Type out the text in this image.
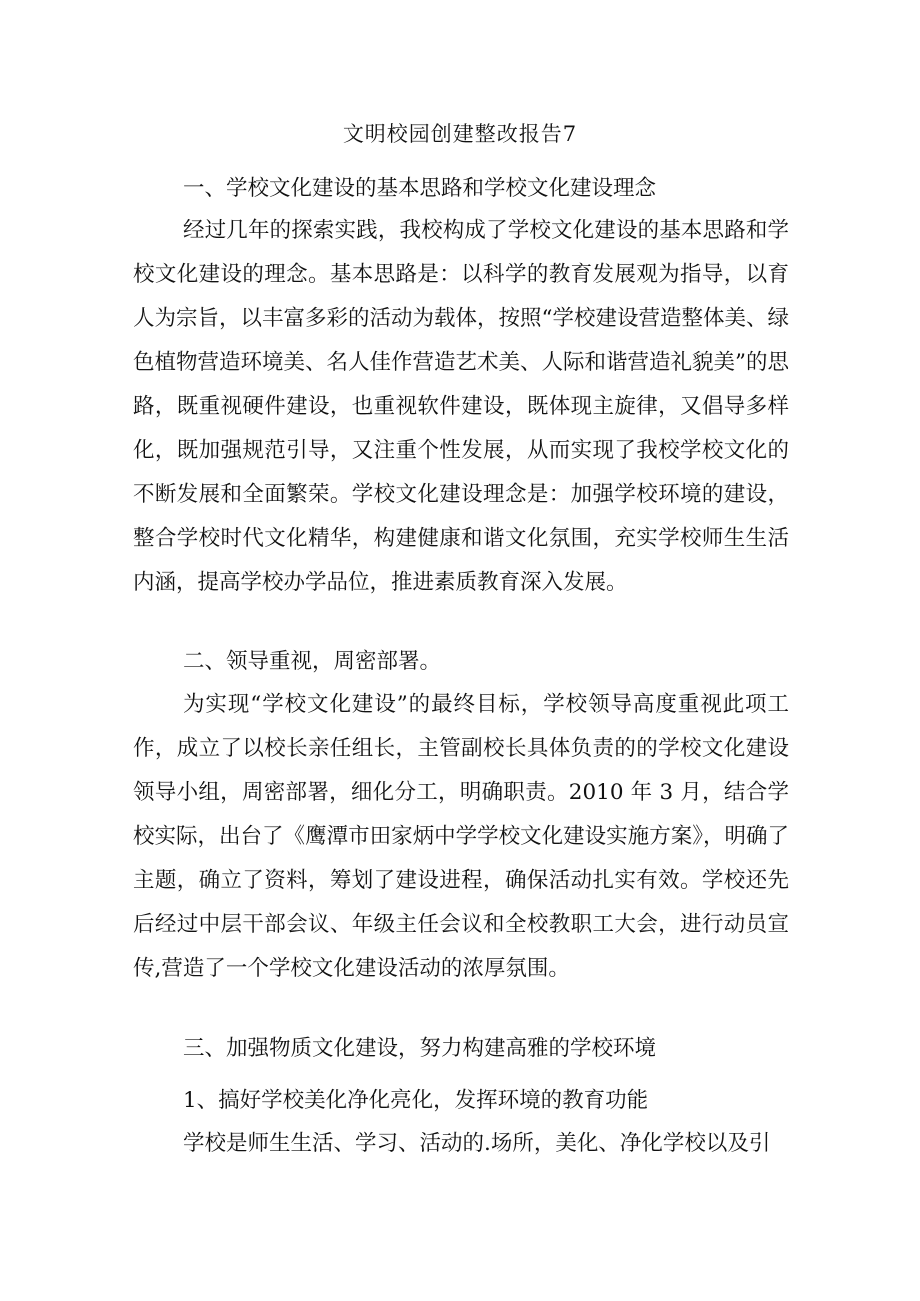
文明校园创建整改报告7
一、学校文化建设的基本思路和学校文化建设理念
经过几年的探索实践，我校构成了学校文化建设的基本思路和学校文化建设的理念。基本思路是：以科学的教育发展观为指导，以育人为宗旨，以丰富多彩的活动为载体，按照“学校建设营造整体美、绿色植物营造环境美、名人佳作营造艺术美、人际和谐营造礼貌美”的思路，既重视硬件建设，也重视软件建设，既体现主旋律，又倡导多样化，既加强规范引导，又注重个性发展，从而实现了我校学校文化的不断发展和全面繁荣。学校文化建设理念是：加强学校环境的建设，整合学校时代文化精华，构建健康和谐文化氛围，充实学校师生生活内涵，提高学校办学品位，推进素质教育深入发展。
二、领导重视，周密部署。
为实现“学校文化建设”的最终目标，学校领导高度重视此项工作，成立了以校长亲任组长，主管副校长具体负责的的学校文化建设领导小组，周密部署，细化分工，明确职责。2010 年 3 月，结合学校实际，出台了《鹰潭市田家炳中学学校文化建设实施方案》，明确了主题，确立了资料，筹划了建设进程，确保活动扎实有效。学校还先后经过中层干部会议、年级主任会议和全校教职工大会，进行动员宣传,营造了一个学校文化建设活动的浓厚氛围。
三、加强物质文化建设，努力构建高雅的学校环境
1、搞好学校美化净化亮化，发挥环境的教育功能
学校是师生生活、学习、活动的.场所，美化、净化学校以及引
